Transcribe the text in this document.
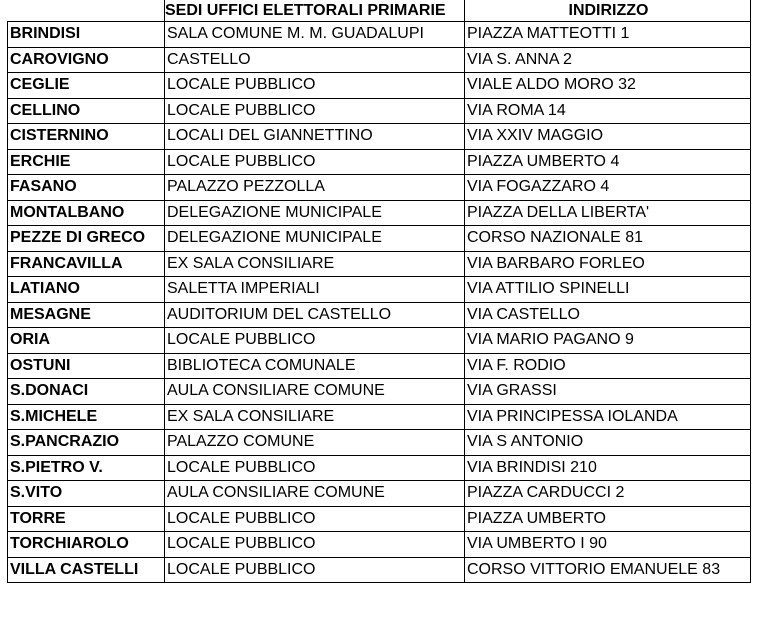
	SEDI UFFICI ELETTORALI PRIMARIE	INDIRIZZO
BRINDISI	SALA COMUNE M. M. GUADALUPI	PIAZZA MATTEOTTI 1
CAROVIGNO	CASTELLO	VIA S. ANNA 2
CEGLIE	LOCALE PUBBLICO	VIALE ALDO MORO 32
CELLINO	LOCALE PUBBLICO	VIA ROMA 14
CISTERNINO	LOCALI DEL GIANNETTINO	VIA XXIV MAGGIO
ERCHIE	LOCALE PUBBLICO	PIAZZA UMBERTO 4
FASANO	PALAZZO PEZZOLLA	VIA FOGAZZARO 4
MONTALBANO	DELEGAZIONE MUNICIPALE	PIAZZA DELLA LIBERTA'
PEZZE DI GRECO	DELEGAZIONE MUNICIPALE	CORSO NAZIONALE 81
FRANCAVILLA	EX SALA CONSILIARE	VIA BARBARO FORLEO
LATIANO	SALETTA IMPERIALI	VIA ATTILIO SPINELLI
MESAGNE	AUDITORIUM DEL CASTELLO	VIA CASTELLO
ORIA	LOCALE PUBBLICO	VIA MARIO PAGANO 9
OSTUNI	BIBLIOTECA COMUNALE	VIA F. RODIO
S.DONACI	AULA CONSILIARE COMUNE	VIA GRASSI
S.MICHELE	EX SALA CONSILIARE	VIA PRINCIPESSA IOLANDA
S.PANCRAZIO	PALAZZO COMUNE	VIA S ANTONIO
S.PIETRO V.	LOCALE PUBBLICO	VIA BRINDISI 210
S.VITO	AULA CONSILIARE COMUNE	PIAZZA CARDUCCI 2
TORRE	LOCALE PUBBLICO	PIAZZA UMBERTO
TORCHIAROLO	LOCALE PUBBLICO	VIA UMBERTO I 90
VILLA CASTELLI	LOCALE PUBBLICO	CORSO VITTORIO EMANUELE 83
